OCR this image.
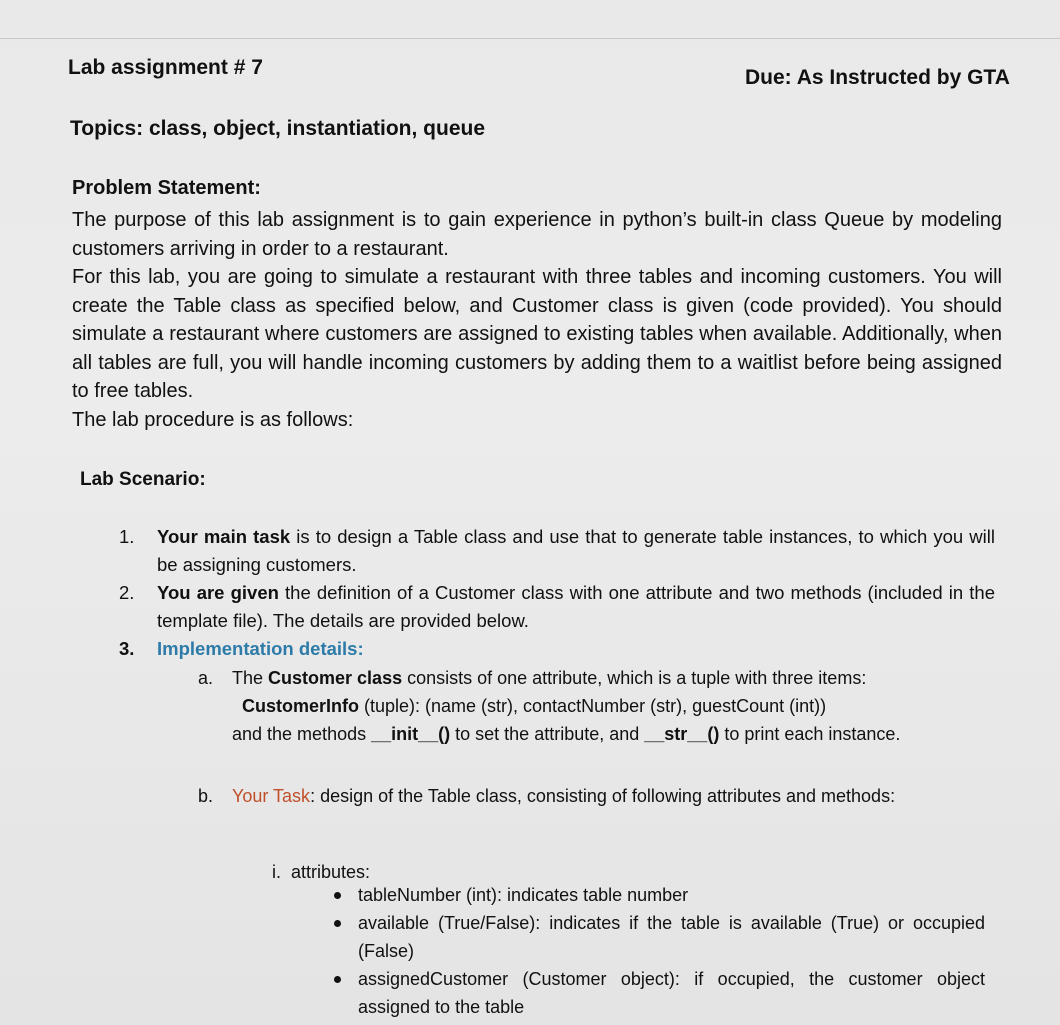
Lab assignment # 7	Due: As Instructed by GTA
Topics: class, object, instantiation, queue
Problem Statement:

The purpose of this lab assignment is to gain experience in python’s built-in class Queue by modeling customers arriving in order to a restaurant.

For this lab, you are going to simulate a restaurant with three tables and incoming customers. You will create the Table class as specified below, and Customer class is given (code provided). You should simulate a restaurant where customers are assigned to existing tables when available. Additionally, when all tables are full, you will handle incoming customers by adding them to a waitlist before being assigned to free tables.

The lab procedure is as follows:

Lab Scenario:
1. Your main task is to design a Table class and use that to generate table instances, to which you will be assigning customers.
2. You are given the definition of a Customer class with one attribute and two methods (included in the template file). The details are provided below.
3. Implementation details:
a. The Customer class consists of one attribute, which is a tuple with three items:
CustomerInfo (tuple): (name (str), contactNumber (str), guestCount (int))
and the methods __init__() to set the attribute, and __str__() to print each instance.
b. Your Task: design of the Table class, consisting of following attributes and methods:
i. attributes:
tableNumber (int): indicates table number
available (True/False): indicates if the table is available (True) or occupied (False)
assignedCustomer (Customer object): if occupied, the customer object assigned to the table
